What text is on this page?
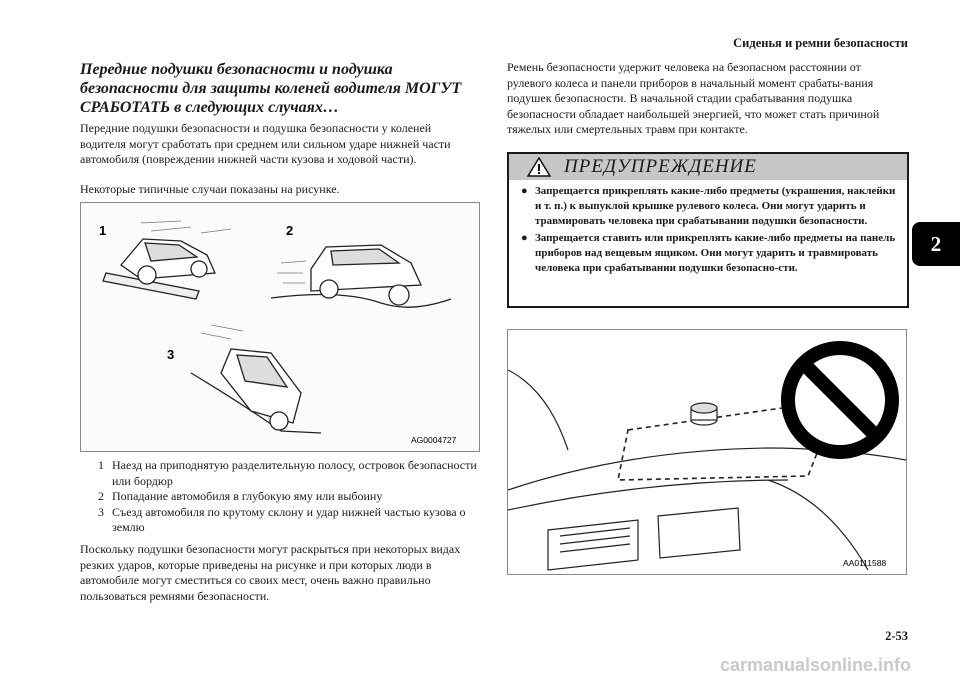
Сиденья и ремни безопасности
2
Передние подушки безопасности и подушка безопасности для защиты коленей водителя МОГУТ СРАБОТАТЬ в следующих случаях…
Передние подушки безопасности и подушка безопасности у коленей водителя могут сработать при среднем или сильном ударе нижней части автомобиля (повреждении нижней части кузова и ходовой части).
Некоторые типичные случаи показаны на рисунке.
1	2
3
AG0004727
1 Наезд на приподнятую разделительную полосу, островок безопасности или бордюр
2 Попадание автомобиля в глубокую яму или выбоину
3 Съезд автомобиля по крутому склону и удар нижней частью кузова о землю
Поскольку подушки безопасности могут раскрыться при некоторых видах резких ударов, которые приведены на рисунке и при которых люди в автомобиле могут сместиться со своих мест, очень важно правильно пользоваться ремнями безопасности.
Ремень безопасности удержит человека на безопасном расстоянии от рулевого колеса и панели приборов в начальный момент срабаты-вания подушек безопасности. В начальной стадии срабатывания подушка безопасности обладает наибольшей энергией, что может стать причиной тяжелых или смертельных травм при контакте.
ПРЕДУПРЕЖДЕНИЕ
● Запрещается прикреплять какие-либо предметы (украшения, наклейки и т. п.) к выпуклой крышке рулевого колеса. Они могут ударить и травмировать человека при срабатывании подушки безопасности.
● Запрещается ставить или прикреплять какие-либо предметы на панель приборов над вещевым ящиком. Они могут ударить и травмировать человека при срабатывании подушки безопасно-сти.
AA0111588
2-53
carmanualsonline.info
